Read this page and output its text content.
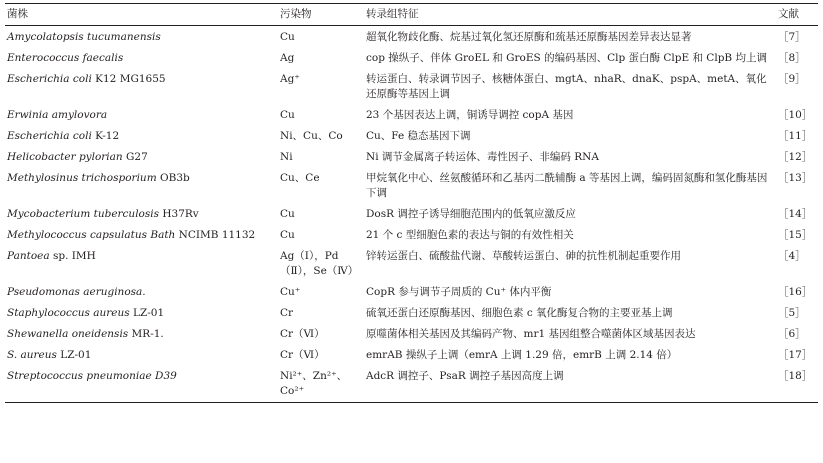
菌株	污染物	转录组特征	文献
Amycolatopsis tucumanensis	Cu	超氧化物歧化酶、烷基过氧化氢还原酶和巯基还原酶基因差异表达显著	［7］
Enterococcus faecalis	Ag	cop 操纵子、伴体 GroEL 和 GroES 的编码基因、Clp 蛋白酶 ClpE 和 ClpB 均上调	［8］
Escherichia coli K12 MG1655	Ag⁺	转运蛋白、转录调节因子、核糖体蛋白、mgtA、nhaR、dnaK、pspA、metA、氧化还原酶等基因上调	［9］
Erwinia amylovora	Cu	23 个基因表达上调，铜诱导调控 copA 基因	［10］
Escherichia coli K-12	Ni、Cu、Co	Cu、Fe 稳态基因下调	［11］
Helicobacter pylorian G27	Ni	Ni 调节金属离子转运体、毒性因子、非编码 RNA	［12］
Methylosinus trichosporium OB3b	Cu、Ce	甲烷氧化中心、丝氨酸循环和乙基丙二酰辅酶 a 等基因上调，编码固氮酶和氢化酶基因下调	［13］
Mycobacterium tuberculosis H37Rv	Cu	DosR 调控子诱导细胞范围内的低氧应激反应	［14］
Methylococcus capsulatus Bath NCIMB 11132	Cu	21 个 c 型细胞色素的表达与铜的有效性相关	［15］
Pantoea sp. IMH	Ag（Ⅰ），Pd（Ⅱ），Se（Ⅳ）	锌转运蛋白、硫酸盐代谢、草酸转运蛋白、砷的抗性机制起重要作用	［4］
Pseudomonas aeruginosa.	Cu⁺	CopR 参与调节子周质的 Cu⁺ 体内平衡	［16］
Staphylococcus aureus LZ-01	Cr	硫氧还蛋白还原酶基因、细胞色素 c 氧化酶复合物的主要亚基上调	［5］
Shewanella oneidensis MR-1.	Cr（Ⅵ）	原噬菌体相关基因及其编码产物、mr1 基因组整合噬菌体区域基因表达	［6］
S. aureus LZ-01	Cr（Ⅵ）	emrAB 操纵子上调（emrA 上调 1.29 倍，emrB 上调 2.14 倍）	［17］
Streptococcus pneumoniae D39	Ni²⁺、Zn²⁺、Co²⁺	AdcR 调控子、PsaR 调控子基因高度上调	［18］
